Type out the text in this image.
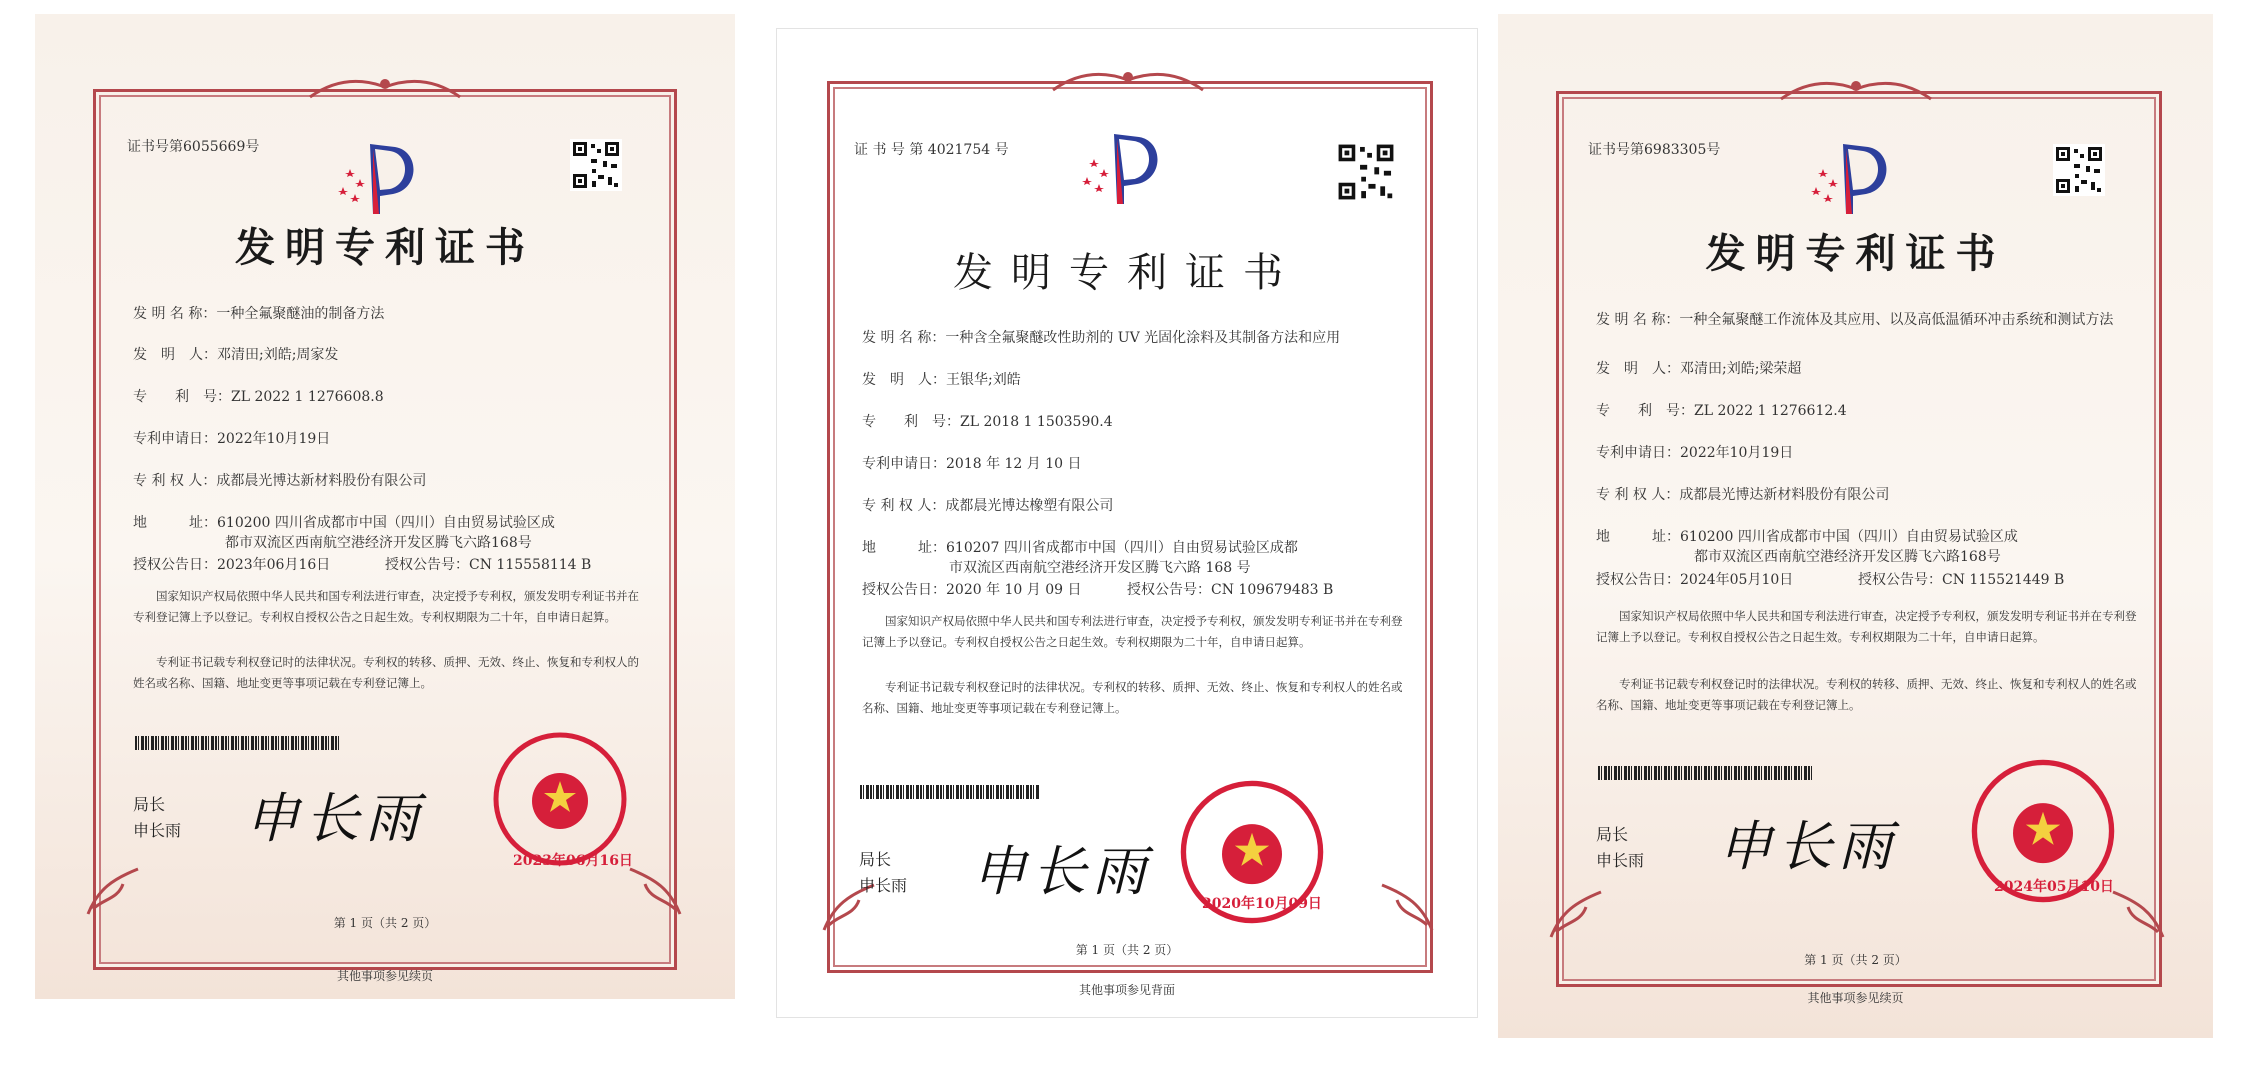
证书号第6055669号
发明专利证书
发 明 名 称：一种全氟聚醚油的制备方法
发　明　人：邓清田;刘皓;周家发
专　　利　号：ZL 2022 1 1276608.8
专利申请日：2022年10月19日
专 利 权 人：成都晨光博达新材料股份有限公司
地　　　址：610200 四川省成都市中国（四川）自由贸易试验区成
都市双流区西南航空港经济开发区腾飞六路168号
授权公告日：2023年06月16日	授权公告号：CN 115558114 B
国家知识产权局依照中华人民共和国专利法进行审查，决定授予专利权，颁发发明专利证书并在专利登记簿上予以登记。专利权自授权公告之日起生效。专利权期限为二十年，自申请日起算。
专利证书记载专利权登记时的法律状况。专利权的转移、质押、无效、终止、恢复和专利权人的姓名或名称、国籍、地址变更等事项记载在专利登记簿上。
局长
申长雨 申长雨
2023年06月16日
第 1 页（共 2 页）
其他事项参见续页
证 书 号 第 4021754 号
发明专利证书
发 明 名 称：一种含全氟聚醚改性助剂的 UV 光固化涂料及其制备方法和应用
发　明　人：王银华;刘皓
专　　利　号：ZL 2018 1 1503590.4
专利申请日：2018 年 12 月 10 日
专 利 权 人：成都晨光博达橡塑有限公司
地　　　址：610207 四川省成都市中国（四川）自由贸易试验区成都
市双流区西南航空港经济开发区腾飞六路 168 号
授权公告日：2020 年 10 月 09 日	授权公告号：CN 109679483 B
国家知识产权局依照中华人民共和国专利法进行审查，决定授予专利权，颁发发明专利证书并在专利登记簿上予以登记。专利权自授权公告之日起生效。专利权期限为二十年，自申请日起算。
专利证书记载专利权登记时的法律状况。专利权的转移、质押、无效、终止、恢复和专利权人的姓名或名称、国籍、地址变更等事项记载在专利登记簿上。
局长
申长雨 申长雨
2020年10月09日
第 1 页（共 2 页）
其他事项参见背面
证书号第6983305号
发明专利证书
发 明 名 称：一种全氟聚醚工作流体及其应用、以及高低温循环冲击系统和测试方法
发　明　人：邓清田;刘皓;梁荣超
专　　利　号：ZL 2022 1 1276612.4
专利申请日：2022年10月19日
专 利 权 人：成都晨光博达新材料股份有限公司
地　　　址：610200 四川省成都市中国（四川）自由贸易试验区成
都市双流区西南航空港经济开发区腾飞六路168号
授权公告日：2024年05月10日	授权公告号：CN 115521449 B
国家知识产权局依照中华人民共和国专利法进行审查，决定授予专利权，颁发发明专利证书并在专利登记簿上予以登记。专利权自授权公告之日起生效。专利权期限为二十年，自申请日起算。
专利证书记载专利权登记时的法律状况。专利权的转移、质押、无效、终止、恢复和专利权人的姓名或名称、国籍、地址变更等事项记载在专利登记簿上。
局长
申长雨 申长雨
2024年05月10日
第 1 页（共 2 页）
其他事项参见续页
